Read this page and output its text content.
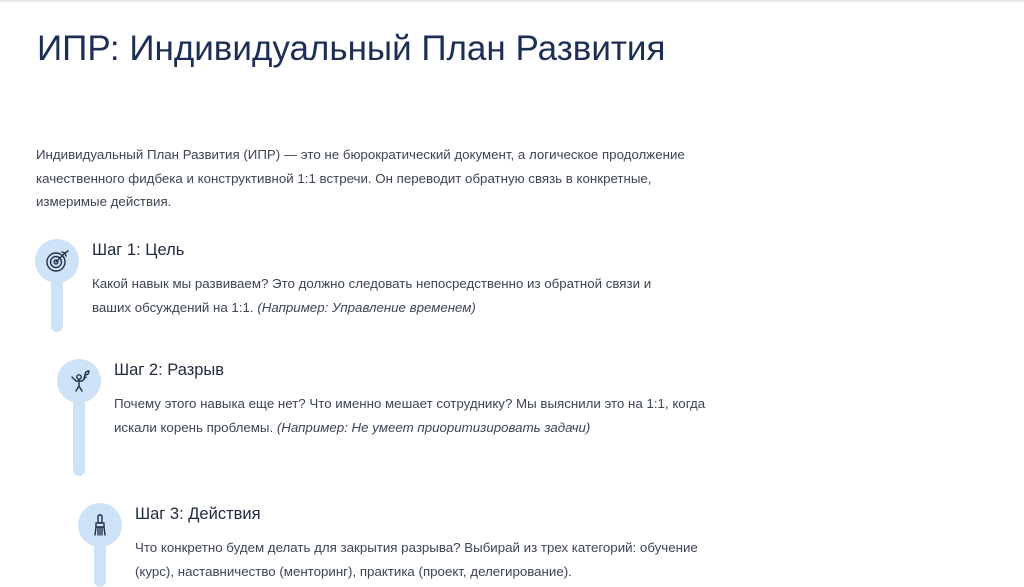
ИПР: Индивидуальный План Развития

Индивидуальный План Развития (ИПР) — это не бюрократический документ, а логическое продолжение качественного фидбека и конструктивной 1:1 встречи. Он переводит обратную связь в конкретные, измеримые действия.

Шаг 1: Цель

Какой навык мы развиваем? Это должно следовать непосредственно из обратной связи и ваших обсуждений на 1:1. (Например: Управление временем)

Шаг 2: Разрыв

Почему этого навыка еще нет? Что именно мешает сотруднику? Мы выяснили это на 1:1, когда искали корень проблемы. (Например: Не умеет приоритизировать задачи)

Шаг 3: Действия

Что конкретно будем делать для закрытия разрыва? Выбирай из трех категорий: обучение (курс), наставничество (менторинг), практика (проект, делегирование).
